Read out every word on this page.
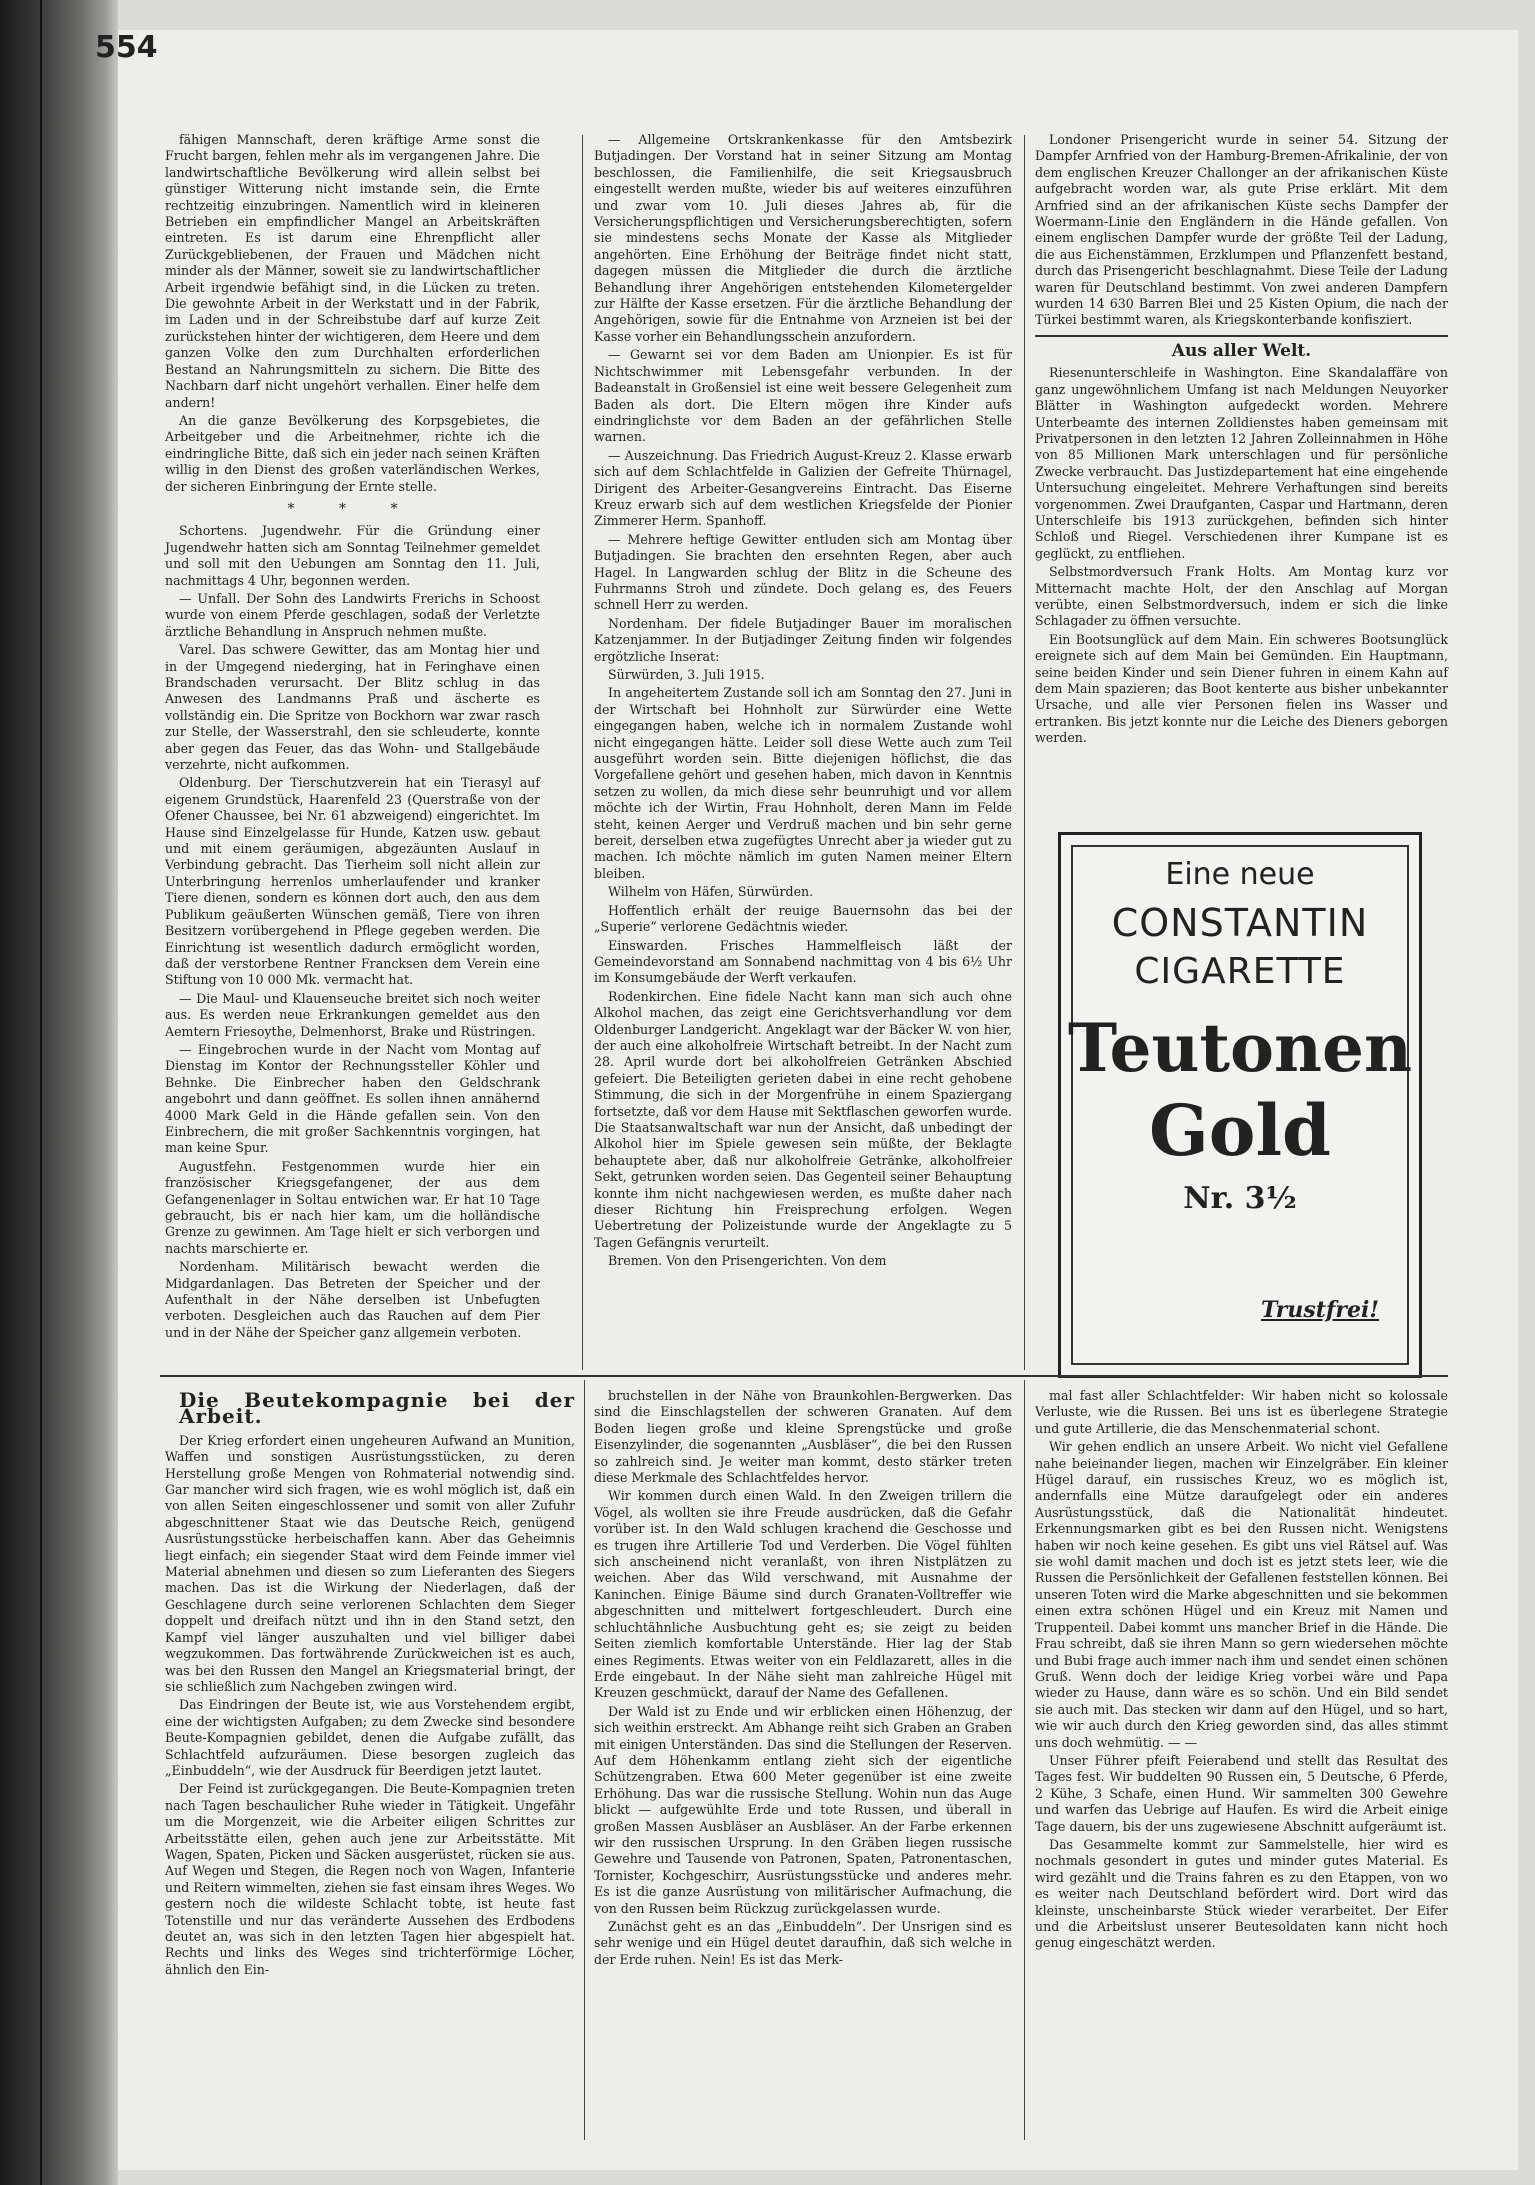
554

fähigen Mannschaft, deren kräftige Arme sonst die Frucht bargen, fehlen mehr als im vergangenen Jahre. Die landwirtschaftliche Bevölkerung wird allein selbst bei günstiger Witterung nicht imstande sein, die Ernte rechtzeitig einzubringen. Namentlich wird in kleineren Betrieben ein empfindlicher Mangel an Arbeitskräften eintreten. Es ist darum eine Ehrenpflicht aller Zurückgebliebenen, der Frauen und Mädchen nicht minder als der Männer, soweit sie zu landwirtschaftlicher Arbeit irgendwie befähigt sind, in die Lücken zu treten. Die gewohnte Arbeit in der Werkstatt und in der Fabrik, im Laden und in der Schreibstube darf auf kurze Zeit zurückstehen hinter der wichtigeren, dem Heere und dem ganzen Volke den zum Durchhalten erforderlichen Bestand an Nahrungsmitteln zu sichern. Die Bitte des Nachbarn darf nicht ungehört verhallen. Einer helfe dem andern!

An die ganze Bevölkerung des Korpsgebietes, die Arbeitgeber und die Arbeitnehmer, richte ich die eindringliche Bitte, daß sich ein jeder nach seinen Kräften willig in den Dienst des großen vaterländischen Werkes, der sicheren Einbringung der Ernte stelle.

* * *

Schortens. Jugendwehr. Für die Gründung einer Jugendwehr hatten sich am Sonntag Teilnehmer gemeldet und soll mit den Uebungen am Sonntag den 11. Juli, nachmittags 4 Uhr, begonnen werden.

— Unfall. Der Sohn des Landwirts Frerichs in Schoost wurde von einem Pferde geschlagen, sodaß der Verletzte ärztliche Behandlung in Anspruch nehmen mußte.

Varel. Das schwere Gewitter, das am Montag hier und in der Umgegend niederging, hat in Feringhave einen Brandschaden verursacht. Der Blitz schlug in das Anwesen des Landmanns Praß und äscherte es vollständig ein. Die Spritze von Bockhorn war zwar rasch zur Stelle, der Wasserstrahl, den sie schleuderte, konnte aber gegen das Feuer, das das Wohn- und Stallgebäude verzehrte, nicht aufkommen.

Oldenburg. Der Tierschutzverein hat ein Tierasyl auf eigenem Grundstück, Haarenfeld 23 (Querstraße von der Ofener Chaussee, bei Nr. 61 abzweigend) eingerichtet. Im Hause sind Einzelgelasse für Hunde, Katzen usw. gebaut und mit einem geräumigen, abgezäunten Auslauf in Verbindung gebracht. Das Tierheim soll nicht allein zur Unterbringung herrenlos umherlaufender und kranker Tiere dienen, sondern es können dort auch, den aus dem Publikum geäußerten Wünschen gemäß, Tiere von ihren Besitzern vorübergehend in Pflege gegeben werden. Die Einrichtung ist wesentlich dadurch ermöglicht worden, daß der verstorbene Rentner Francksen dem Verein eine Stiftung von 10 000 Mk. vermacht hat.

— Die Maul- und Klauenseuche breitet sich noch weiter aus. Es werden neue Erkrankungen gemeldet aus den Aemtern Friesoythe, Delmenhorst, Brake und Rüstringen.

— Eingebrochen wurde in der Nacht vom Montag auf Dienstag im Kontor der Rechnungssteller Köhler und Behnke. Die Einbrecher haben den Geldschrank angebohrt und dann geöffnet. Es sollen ihnen annähernd 4000 Mark Geld in die Hände gefallen sein. Von den Einbrechern, die mit großer Sachkenntnis vorgingen, hat man keine Spur.

Augustfehn. Festgenommen wurde hier ein französischer Kriegsgefangener, der aus dem Gefangenenlager in Soltau entwichen war. Er hat 10 Tage gebraucht, bis er nach hier kam, um die holländische Grenze zu gewinnen. Am Tage hielt er sich verborgen und nachts marschierte er.

Nordenham. Militärisch bewacht werden die Midgardanlagen. Das Betreten der Speicher und der Aufenthalt in der Nähe derselben ist Unbefugten verboten. Desgleichen auch das Rauchen auf dem Pier und in der Nähe der Speicher ganz allgemein verboten.

— Allgemeine Ortskrankenkasse für den Amtsbezirk Butjadingen. Der Vorstand hat in seiner Sitzung am Montag beschlossen, die Familienhilfe, die seit Kriegsausbruch eingestellt werden mußte, wieder bis auf weiteres einzuführen und zwar vom 10. Juli dieses Jahres ab, für die Versicherungspflichtigen und Versicherungsberechtigten, sofern sie mindestens sechs Monate der Kasse als Mitglieder angehörten. Eine Erhöhung der Beiträge findet nicht statt, dagegen müssen die Mitglieder die durch die ärztliche Behandlung ihrer Angehörigen entstehenden Kilometergelder zur Hälfte der Kasse ersetzen. Für die ärztliche Behandlung der Angehörigen, sowie für die Entnahme von Arzneien ist bei der Kasse vorher ein Behandlungsschein anzufordern.

— Gewarnt sei vor dem Baden am Unionpier. Es ist für Nichtschwimmer mit Lebensgefahr verbunden. In der Badeanstalt in Großensiel ist eine weit bessere Gelegenheit zum Baden als dort. Die Eltern mögen ihre Kinder aufs eindringlichste vor dem Baden an der gefährlichen Stelle warnen.

— Auszeichnung. Das Friedrich August-Kreuz 2. Klasse erwarb sich auf dem Schlachtfelde in Galizien der Gefreite Thürnagel, Dirigent des Arbeiter-Gesangvereins Eintracht. Das Eiserne Kreuz erwarb sich auf dem westlichen Kriegsfelde der Pionier Zimmerer Herm. Spanhoff.

— Mehrere heftige Gewitter entluden sich am Montag über Butjadingen. Sie brachten den ersehnten Regen, aber auch Hagel. In Langwarden schlug der Blitz in die Scheune des Fuhrmanns Stroh und zündete. Doch gelang es, des Feuers schnell Herr zu werden.

Nordenham. Der fidele Butjadinger Bauer im moralischen Katzenjammer. In der Butjadinger Zeitung finden wir folgendes ergötzliche Inserat:

Sürwürden, 3. Juli 1915.

In angeheitertem Zustande soll ich am Sonntag den 27. Juni in der Wirtschaft bei Hohnholt zur Sürwürder eine Wette eingegangen haben, welche ich in normalem Zustande wohl nicht eingegangen hätte. Leider soll diese Wette auch zum Teil ausgeführt worden sein. Bitte diejenigen höflichst, die das Vorgefallene gehört und gesehen haben, mich davon in Kenntnis setzen zu wollen, da mich diese sehr beunruhigt und vor allem möchte ich der Wirtin, Frau Hohnholt, deren Mann im Felde steht, keinen Aerger und Verdruß machen und bin sehr gerne bereit, derselben etwa zugefügtes Unrecht aber ja wieder gut zu machen. Ich möchte nämlich im guten Namen meiner Eltern bleiben.

Wilhelm von Häfen, Sürwürden.

Hoffentlich erhält der reuige Bauernsohn das bei der „Superie“ verlorene Gedächtnis wieder.

Einswarden. Frisches Hammelfleisch läßt der Gemeindevorstand am Sonnabend nachmittag von 4 bis 6½ Uhr im Konsumgebäude der Werft verkaufen.

Rodenkirchen. Eine fidele Nacht kann man sich auch ohne Alkohol machen, das zeigt eine Gerichtsverhandlung vor dem Oldenburger Landgericht. Angeklagt war der Bäcker W. von hier, der auch eine alkoholfreie Wirtschaft betreibt. In der Nacht zum 28. April wurde dort bei alkoholfreien Getränken Abschied gefeiert. Die Beteiligten gerieten dabei in eine recht gehobene Stimmung, die sich in der Morgenfrühe in einem Spaziergang fortsetzte, daß vor dem Hause mit Sektflaschen geworfen wurde. Die Staatsanwaltschaft war nun der Ansicht, daß unbedingt der Alkohol hier im Spiele gewesen sein müßte, der Beklagte behauptete aber, daß nur alkoholfreie Getränke, alkoholfreier Sekt, getrunken worden seien. Das Gegenteil seiner Behauptung konnte ihm nicht nachgewiesen werden, es mußte daher nach dieser Richtung hin Freisprechung erfolgen. Wegen Uebertretung der Polizeistunde wurde der Angeklagte zu 5 Tagen Gefängnis verurteilt.

Bremen. Von den Prisengerichten. Von dem

Londoner Prisengericht wurde in seiner 54. Sitzung der Dampfer Arnfried von der Hamburg-Bremen-Afrikalinie, der von dem englischen Kreuzer Challonger an der afrikanischen Küste aufgebracht worden war, als gute Prise erklärt. Mit dem Arnfried sind an der afrikanischen Küste sechs Dampfer der Woermann-Linie den Engländern in die Hände gefallen. Von einem englischen Dampfer wurde der größte Teil der Ladung, die aus Eichenstämmen, Erzklumpen und Pflanzenfett bestand, durch das Prisengericht beschlagnahmt. Diese Teile der Ladung waren für Deutschland bestimmt. Von zwei anderen Dampfern wurden 14 630 Barren Blei und 25 Kisten Opium, die nach der Türkei bestimmt waren, als Kriegskonterbande konfisziert.

Aus aller Welt.

Riesenunterschleife in Washington. Eine Skandalaffäre von ganz ungewöhnlichem Umfang ist nach Meldungen Neuyorker Blätter in Washington aufgedeckt worden. Mehrere Unterbeamte des internen Zolldienstes haben gemeinsam mit Privatpersonen in den letzten 12 Jahren Zolleinnahmen in Höhe von 85 Millionen Mark unterschlagen und für persönliche Zwecke verbraucht. Das Justizdepartement hat eine eingehende Untersuchung eingeleitet. Mehrere Verhaftungen sind bereits vorgenommen. Zwei Draufganten, Caspar und Hartmann, deren Unterschleife bis 1913 zurückgehen, befinden sich hinter Schloß und Riegel. Verschiedenen ihrer Kumpane ist es geglückt, zu entfliehen.

Selbstmordversuch Frank Holts. Am Montag kurz vor Mitternacht machte Holt, der den Anschlag auf Morgan verübte, einen Selbstmordversuch, indem er sich die linke Schlagader zu öffnen versuchte.

Ein Bootsunglück auf dem Main. Ein schweres Bootsunglück ereignete sich auf dem Main bei Gemünden. Ein Hauptmann, seine beiden Kinder und sein Diener fuhren in einem Kahn auf dem Main spazieren; das Boot kenterte aus bisher unbekannter Ursache, und alle vier Personen fielen ins Wasser und ertranken. Bis jetzt konnte nur die Leiche des Dieners geborgen werden.

Eine neue
CONSTANTIN
CIGARETTE
Teutonen
Gold
Nr. 3½
Trustfrei!
Die Beutekompagnie bei der Arbeit.

Der Krieg erfordert einen ungeheuren Aufwand an Munition, Waffen und sonstigen Ausrüstungsstücken, zu deren Herstellung große Mengen von Rohmaterial notwendig sind. Gar mancher wird sich fragen, wie es wohl möglich ist, daß ein von allen Seiten eingeschlossener und somit von aller Zufuhr abgeschnittener Staat wie das Deutsche Reich, genügend Ausrüstungsstücke herbeischaffen kann. Aber das Geheimnis liegt einfach; ein siegender Staat wird dem Feinde immer viel Material abnehmen und diesen so zum Lieferanten des Siegers machen. Das ist die Wirkung der Niederlagen, daß der Geschlagene durch seine verlorenen Schlachten dem Sieger doppelt und dreifach nützt und ihn in den Stand setzt, den Kampf viel länger auszuhalten und viel billiger dabei wegzukommen. Das fortwährende Zurückweichen ist es auch, was bei den Russen den Mangel an Kriegsmaterial bringt, der sie schließlich zum Nachgeben zwingen wird.

Das Eindringen der Beute ist, wie aus Vorstehendem ergibt, eine der wichtigsten Aufgaben; zu dem Zwecke sind besondere Beute-Kompagnien gebildet, denen die Aufgabe zufällt, das Schlachtfeld aufzuräumen. Diese besorgen zugleich das „Einbuddeln“, wie der Ausdruck für Beerdigen jetzt lautet.

Der Feind ist zurückgegangen. Die Beute-Kompagnien treten nach Tagen beschaulicher Ruhe wieder in Tätigkeit. Ungefähr um die Morgenzeit, wie die Arbeiter eiligen Schrittes zur Arbeitsstätte eilen, gehen auch jene zur Arbeitsstätte. Mit Wagen, Spaten, Picken und Säcken ausgerüstet, rücken sie aus. Auf Wegen und Stegen, die Regen noch von Wagen, Infanterie und Reitern wimmelten, ziehen sie fast einsam ihres Weges. Wo gestern noch die wildeste Schlacht tobte, ist heute fast Totenstille und nur das veränderte Aussehen des Erdbodens deutet an, was sich in den letzten Tagen hier abgespielt hat. Rechts und links des Weges sind trichterförmige Löcher, ähnlich den Ein-

bruchstellen in der Nähe von Braunkohlen-Bergwerken. Das sind die Einschlagstellen der schweren Granaten. Auf dem Boden liegen große und kleine Sprengstücke und große Eisenzylinder, die sogenannten „Ausbläser“, die bei den Russen so zahlreich sind. Je weiter man kommt, desto stärker treten diese Merkmale des Schlachtfeldes hervor.

Wir kommen durch einen Wald. In den Zweigen trillern die Vögel, als wollten sie ihre Freude ausdrücken, daß die Gefahr vorüber ist. In den Wald schlugen krachend die Geschosse und es trugen ihre Artillerie Tod und Verderben. Die Vögel fühlten sich anscheinend nicht veranlaßt, von ihren Nistplätzen zu weichen. Aber das Wild verschwand, mit Ausnahme der Kaninchen. Einige Bäume sind durch Granaten-Volltreffer wie abgeschnitten und mittelwert fortgeschleudert. Durch eine schluchtähnliche Ausbuchtung geht es; sie zeigt zu beiden Seiten ziemlich komfortable Unterstände. Hier lag der Stab eines Regiments. Etwas weiter von ein Feldlazarett, alles in die Erde eingebaut. In der Nähe sieht man zahlreiche Hügel mit Kreuzen geschmückt, darauf der Name des Gefallenen.

Der Wald ist zu Ende und wir erblicken einen Höhenzug, der sich weithin erstreckt. Am Abhange reiht sich Graben an Graben mit einigen Unterständen. Das sind die Stellungen der Reserven. Auf dem Höhenkamm entlang zieht sich der eigentliche Schützengraben. Etwa 600 Meter gegenüber ist eine zweite Erhöhung. Das war die russische Stellung. Wohin nun das Auge blickt — aufgewühlte Erde und tote Russen, und überall in großen Massen Ausbläser an Ausbläser. An der Farbe erkennen wir den russischen Ursprung. In den Gräben liegen russische Gewehre und Tausende von Patronen, Spaten, Patronentaschen, Tornister, Kochgeschirr, Ausrüstungsstücke und anderes mehr. Es ist die ganze Ausrüstung von militärischer Aufmachung, die von den Russen beim Rückzug zurückgelassen wurde.

Zunächst geht es an das „Einbuddeln“. Der Unsrigen sind es sehr wenige und ein Hügel deutet daraufhin, daß sich welche in der Erde ruhen. Nein! Es ist das Merk-

mal fast aller Schlachtfelder: Wir haben nicht so kolossale Verluste, wie die Russen. Bei uns ist es überlegene Strategie und gute Artillerie, die das Menschenmaterial schont.

Wir gehen endlich an unsere Arbeit. Wo nicht viel Gefallene nahe beieinander liegen, machen wir Einzelgräber. Ein kleiner Hügel darauf, ein russisches Kreuz, wo es möglich ist, andernfalls eine Mütze daraufgelegt oder ein anderes Ausrüstungsstück, daß die Nationalität hindeutet. Erkennungsmarken gibt es bei den Russen nicht. Wenigstens haben wir noch keine gesehen. Es gibt uns viel Rätsel auf. Was sie wohl damit machen und doch ist es jetzt stets leer, wie die Russen die Persönlichkeit der Gefallenen feststellen können. Bei unseren Toten wird die Marke abgeschnitten und sie bekommen einen extra schönen Hügel und ein Kreuz mit Namen und Truppenteil. Dabei kommt uns mancher Brief in die Hände. Die Frau schreibt, daß sie ihren Mann so gern wiedersehen möchte und Bubi frage auch immer nach ihm und sendet einen schönen Gruß. Wenn doch der leidige Krieg vorbei wäre und Papa wieder zu Hause, dann wäre es so schön. Und ein Bild sendet sie auch mit. Das stecken wir dann auf den Hügel, und so hart, wie wir auch durch den Krieg geworden sind, das alles stimmt uns doch wehmütig. — —

Unser Führer pfeift Feierabend und stellt das Resultat des Tages fest. Wir buddelten 90 Russen ein, 5 Deutsche, 6 Pferde, 2 Kühe, 3 Schafe, einen Hund. Wir sammelten 300 Gewehre und warfen das Uebrige auf Haufen. Es wird die Arbeit einige Tage dauern, bis der uns zugewiesene Abschnitt aufgeräumt ist.

Das Gesammelte kommt zur Sammelstelle, hier wird es nochmals gesondert in gutes und minder gutes Material. Es wird gezählt und die Trains fahren es zu den Etappen, von wo es weiter nach Deutschland befördert wird. Dort wird das kleinste, unscheinbarste Stück wieder verarbeitet. Der Eifer und die Arbeitslust unserer Beutesoldaten kann nicht hoch genug eingeschätzt werden.
